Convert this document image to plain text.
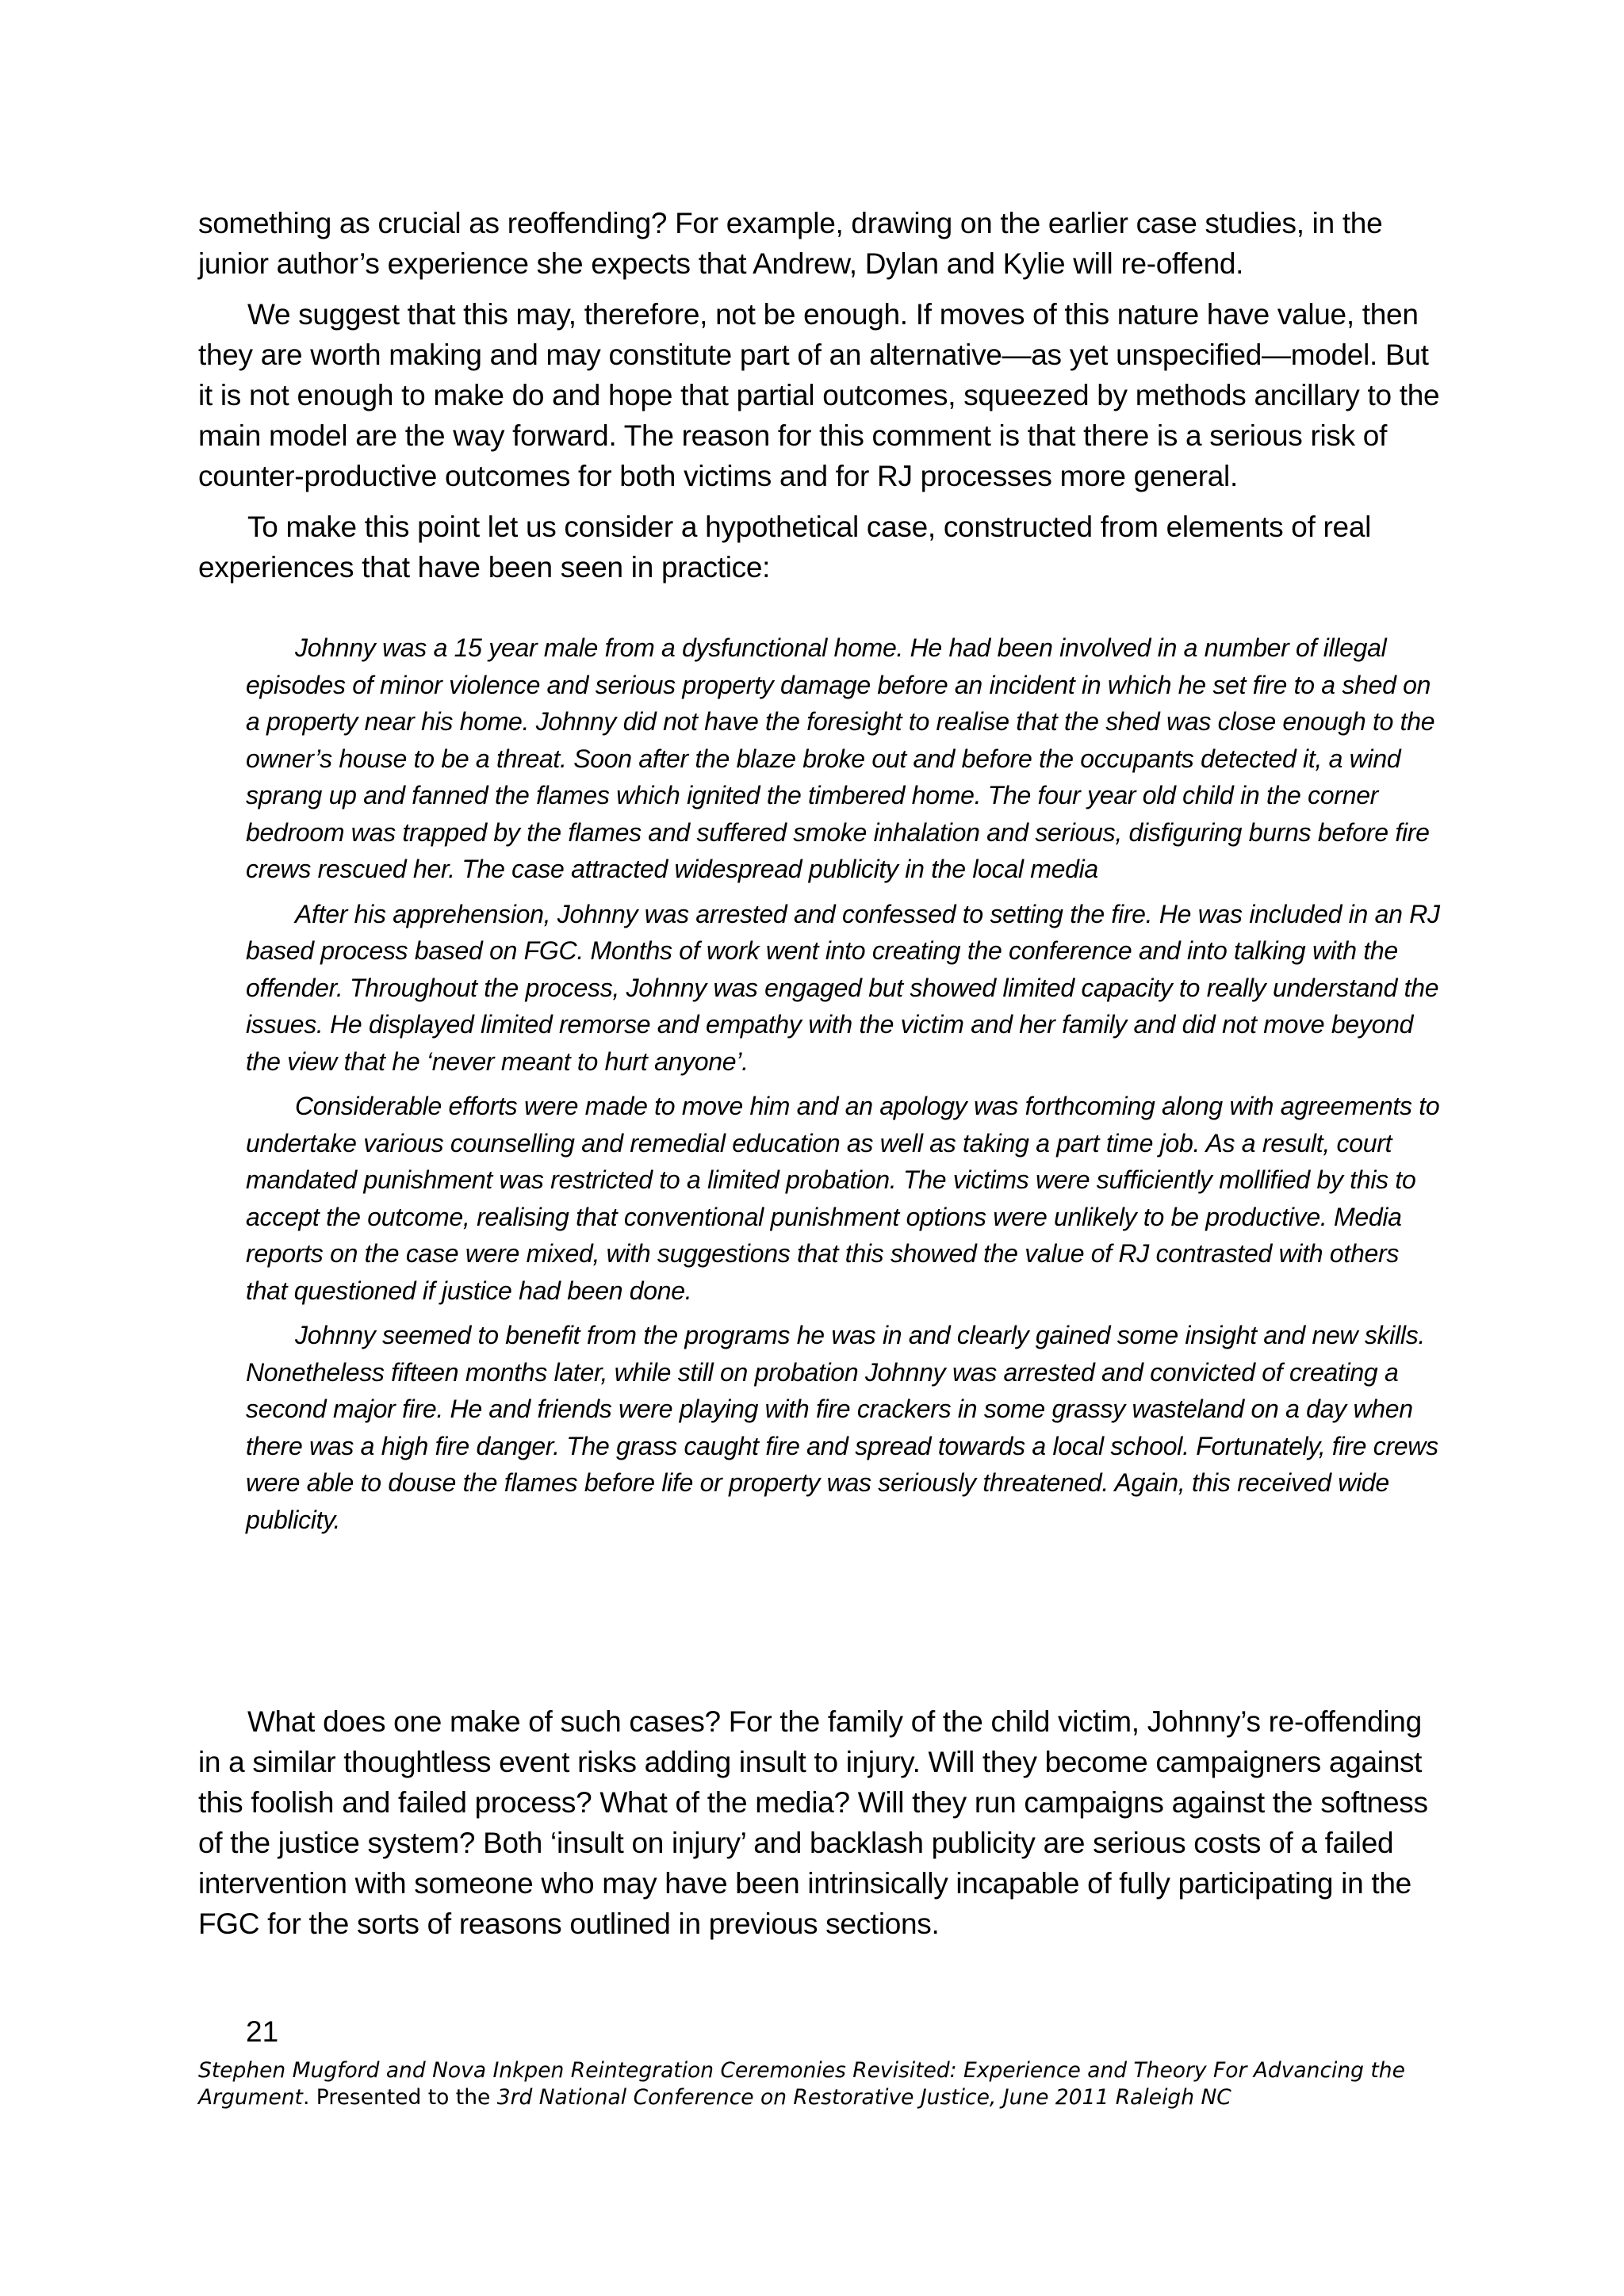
something as crucial as reoffending? For example, drawing on the earlier case studies, in the junior author’s experience she expects that Andrew, Dylan and Kylie will re-offend.

We suggest that this may, therefore, not be enough. If moves of this nature have value, then they are worth making and may constitute part of an alternative—as yet unspecified—model. But it is not enough to make do and hope that partial outcomes, squeezed by methods ancillary to the main model are the way forward. The reason for this comment is that there is a serious risk of counter-productive outcomes for both victims and for RJ processes more general.

To make this point let us consider a hypothetical case, constructed from elements of real experiences that have been seen in practice:

Johnny was a 15 year male from a dysfunctional home. He had been involved in a number of illegal episodes of minor violence and serious property damage before an incident in which he set fire to a shed on a property near his home. Johnny did not have the foresight to realise that the shed was close enough to the owner’s house to be a threat. Soon after the blaze broke out and before the occupants detected it, a wind sprang up and fanned the flames which ignited the timbered home. The four year old child in the corner bedroom was trapped by the flames and suffered smoke inhalation and serious, disfiguring burns before fire crews rescued her. The case attracted widespread publicity in the local media

After his apprehension, Johnny was arrested and confessed to setting the fire. He was included in an RJ based process based on FGC. Months of work went into creating the conference and into talking with the offender. Throughout the process, Johnny was engaged but showed limited capacity to really understand the issues. He displayed limited remorse and empathy with the victim and her family and did not move beyond the view that he ‘never meant to hurt anyone’.

Considerable efforts were made to move him and an apology was forthcoming along with agreements to undertake various counselling and remedial education as well as taking a part time job. As a result, court mandated punishment was restricted to a limited probation. The victims were sufficiently mollified by this to accept the outcome, realising that conventional punishment options were unlikely to be productive. Media reports on the case were mixed, with suggestions that this showed the value of RJ contrasted with others that questioned if justice had been done.

Johnny seemed to benefit from the programs he was in and clearly gained some insight and new skills. Nonetheless fifteen months later, while still on probation Johnny was arrested and convicted of creating a second major fire. He and friends were playing with fire crackers in some grassy wasteland on a day when there was a high fire danger. The grass caught fire and spread towards a local school. Fortunately, fire crews were able to douse the flames before life or property was seriously threatened. Again, this received wide publicity.

What does one make of such cases? For the family of the child victim, Johnny’s re-offending in a similar thoughtless event risks adding insult to injury. Will they become campaigners against this foolish and failed process? What of the media? Will they run campaigns against the softness of the justice system? Both ‘insult on injury’ and backlash publicity are serious costs of a failed intervention with someone who may have been intrinsically incapable of fully participating in the FGC for the sorts of reasons outlined in previous sections.

21
Stephen Mugford and Nova Inkpen Reintegration Ceremonies Revisited: Experience and Theory For Advancing the Argument. Presented to the 3rd National Conference on Restorative Justice, June 2011 Raleigh NC
